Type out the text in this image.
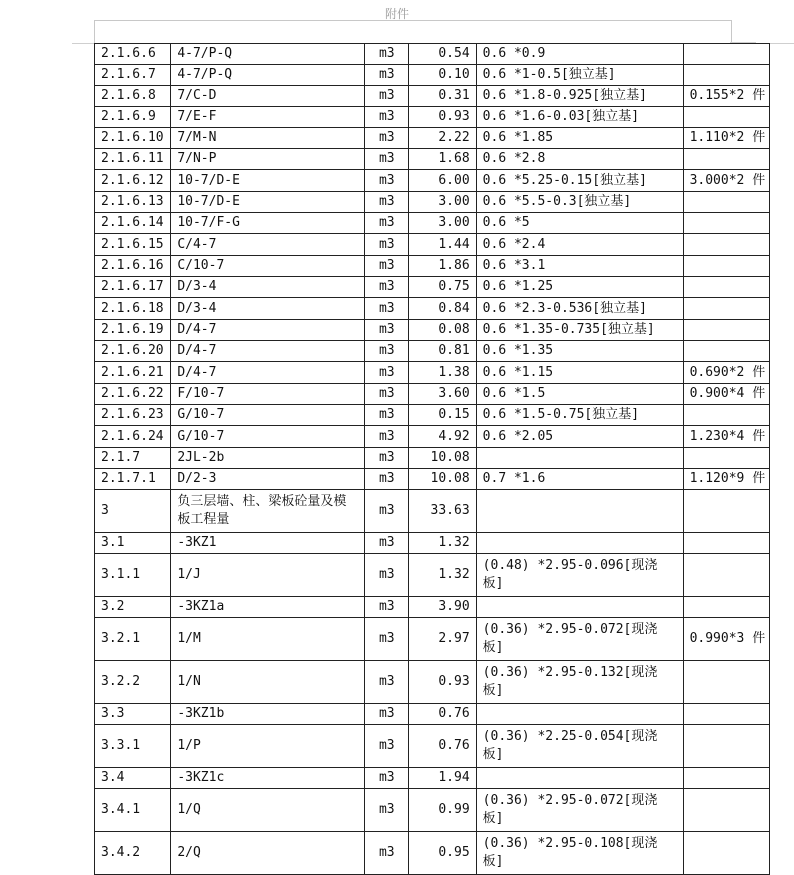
附件
2.1.6.6	4-7/P-Q	m3	0.54	0.6 *0.9	
2.1.6.7	4-7/P-Q	m3	0.10	0.6 *1-0.5[独立基]	
2.1.6.8	7/C-D	m3	0.31	0.6 *1.8-0.925[独立基]	0.155*2 件
2.1.6.9	7/E-F	m3	0.93	0.6 *1.6-0.03[独立基]	
2.1.6.10	7/M-N	m3	2.22	0.6 *1.85	1.110*2 件
2.1.6.11	7/N-P	m3	1.68	0.6 *2.8	
2.1.6.12	10-7/D-E	m3	6.00	0.6 *5.25-0.15[独立基]	3.000*2 件
2.1.6.13	10-7/D-E	m3	3.00	0.6 *5.5-0.3[独立基]	
2.1.6.14	10-7/F-G	m3	3.00	0.6 *5	
2.1.6.15	C/4-7	m3	1.44	0.6 *2.4	
2.1.6.16	C/10-7	m3	1.86	0.6 *3.1	
2.1.6.17	D/3-4	m3	0.75	0.6 *1.25	
2.1.6.18	D/3-4	m3	0.84	0.6 *2.3-0.536[独立基]	
2.1.6.19	D/4-7	m3	0.08	0.6 *1.35-0.735[独立基]	
2.1.6.20	D/4-7	m3	0.81	0.6 *1.35	
2.1.6.21	D/4-7	m3	1.38	0.6 *1.15	0.690*2 件
2.1.6.22	F/10-7	m3	3.60	0.6 *1.5	0.900*4 件
2.1.6.23	G/10-7	m3	0.15	0.6 *1.5-0.75[独立基]	
2.1.6.24	G/10-7	m3	4.92	0.6 *2.05	1.230*4 件
2.1.7	2JL-2b	m3	10.08		
2.1.7.1	D/2-3	m3	10.08	0.7 *1.6	1.120*9 件
3	负三层墙、柱、梁板砼量及模板工程量	m3	33.63		
3.1	-3KZ1	m3	1.32		
3.1.1	1/J	m3	1.32	(0.48) *2.95-0.096[现浇板]	
3.2	-3KZ1a	m3	3.90		
3.2.1	1/M	m3	2.97	(0.36) *2.95-0.072[现浇板]	0.990*3 件
3.2.2	1/N	m3	0.93	(0.36) *2.95-0.132[现浇板]	
3.3	-3KZ1b	m3	0.76		
3.3.1	1/P	m3	0.76	(0.36) *2.25-0.054[现浇板]	
3.4	-3KZ1c	m3	1.94		
3.4.1	1/Q	m3	0.99	(0.36) *2.95-0.072[现浇板]	
3.4.2	2/Q	m3	0.95	(0.36) *2.95-0.108[现浇板]	
